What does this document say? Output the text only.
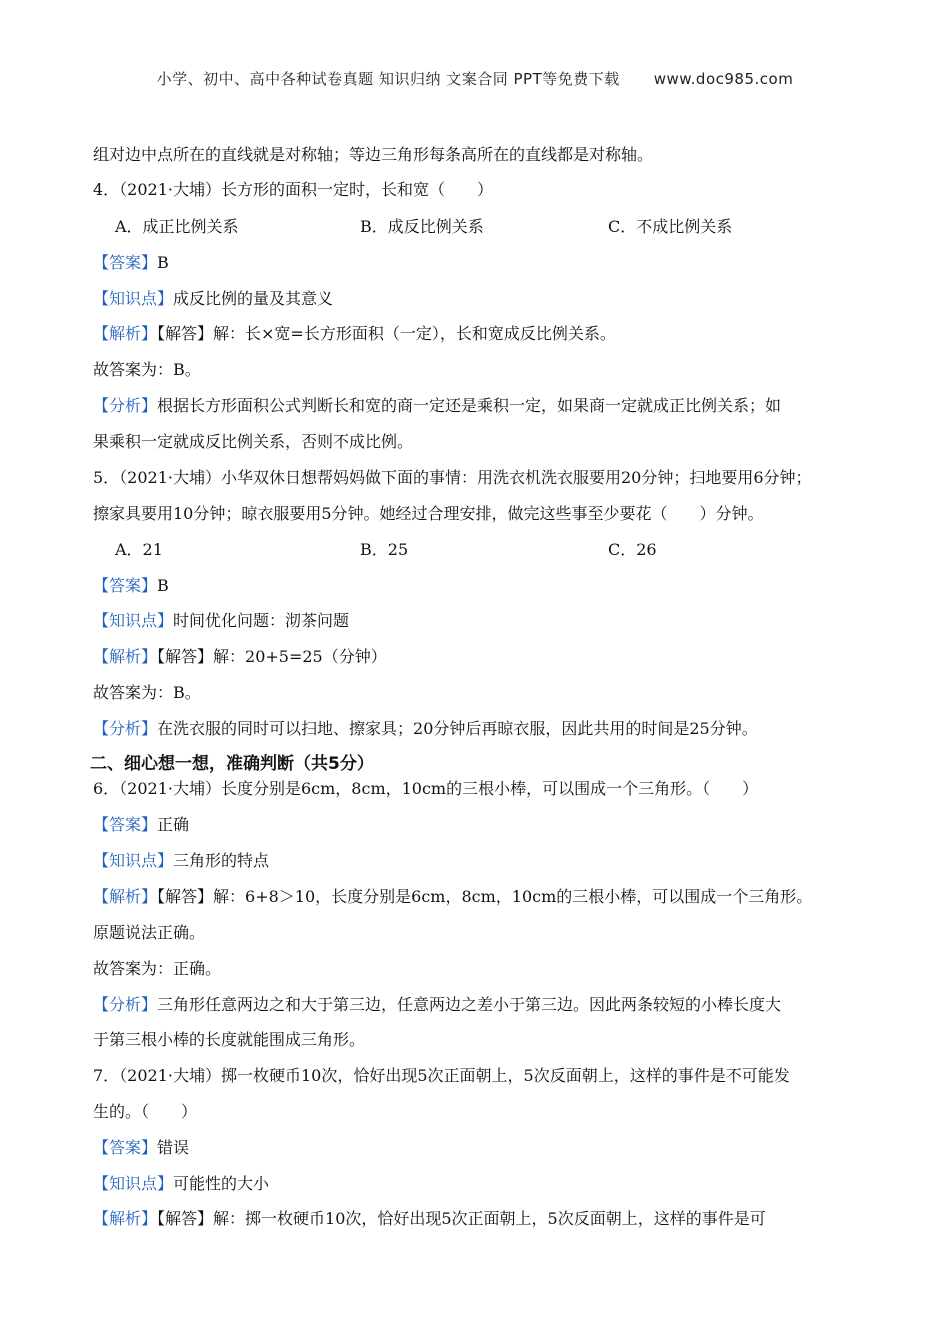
小学、初中、高中各种试卷真题 知识归纳 文案合同 PPT等免费下载 www.doc985.com
组对边中点所在的直线就是对称轴；等边三角形每条高所在的直线都是对称轴。
4．（2021·大埔）长方形的面积一定时，长和宽（　　）
A．成正比例关系	B．成反比例关系	C．不成比例关系
【答案】B
【知识点】成反比例的量及其意义
【解析】【解答】解：长×宽=长方形面积（一定），长和宽成反比例关系。
故答案为：B。
【分析】根据长方形面积公式判断长和宽的商一定还是乘积一定，如果商一定就成正比例关系；如
果乘积一定就成反比例关系，否则不成比例。
5．（2021·大埔）小华双休日想帮妈妈做下面的事情：用洗衣机洗衣服要用20分钟；扫地要用6分钟；
擦家具要用10分钟；晾衣服要用5分钟。她经过合理安排，做完这些事至少要花（　　）分钟。
A．21	B．25	C．26
【答案】B
【知识点】时间优化问题：沏茶问题
【解析】【解答】解：20+5=25（分钟）
故答案为：B。
【分析】在洗衣服的同时可以扫地、擦家具；20分钟后再晾衣服，因此共用的时间是25分钟。
二、细心想一想，准确判断（共5分）
6．（2021·大埔）长度分别是6cm，8cm，10cm的三根小棒，可以围成一个三角形。（　　）
【答案】正确
【知识点】三角形的特点
【解析】【解答】解：6+8＞10，长度分别是6cm，8cm，10cm的三根小棒，可以围成一个三角形。
原题说法正确。
故答案为：正确。
【分析】三角形任意两边之和大于第三边，任意两边之差小于第三边。因此两条较短的小棒长度大
于第三根小棒的长度就能围成三角形。
7．（2021·大埔）掷一枚硬币10次，恰好出现5次正面朝上，5次反面朝上，这样的事件是不可能发
生的。（　　）
【答案】错误
【知识点】可能性的大小
【解析】【解答】解：掷一枚硬币10次，恰好出现5次正面朝上，5次反面朝上，这样的事件是可
